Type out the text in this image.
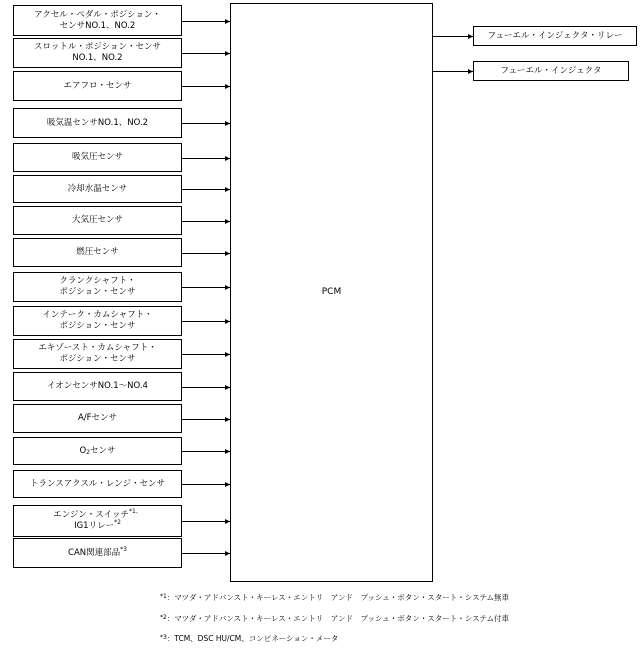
PCM
アクセル・ペダル・ポジション・
センサNO.1、NO.2
スロットル・ポジション・センサ
NO.1、NO.2
エアフロ・センサ
吸気温センサNO.1、NO.2
吸気圧センサ
冷却水温センサ
大気圧センサ
燃圧センサ
クランクシャフト・
ポジション・センサ
インテーク・カムシャフト・
ポジション・センサ
エキゾースト・カムシャフト・
ポジション・センサ
イオンセンサNO.1〜NO.4
A/Fセンサ
$O_2$センサ
トランスアクスル・レンジ・センサ
エンジン・スイッチ$^{*1、}$
IG1リレー$^{*2}$
CAN関連部品$^{*3}$
フューエル・インジェクタ・リレー
フューエル・インジェクタ
$^{*1}$：マツダ・アドバンスト・キーレス・エントリ　アンド　プッシュ・ボタン・スタート・システム無車
$^{*2}$：マツダ・アドバンスト・キーレス・エントリ　アンド　プッシュ・ボタン・スタート・システム付車
$^{*3}$：TCM、DSC HU/CM、コンビネーション・メータ
